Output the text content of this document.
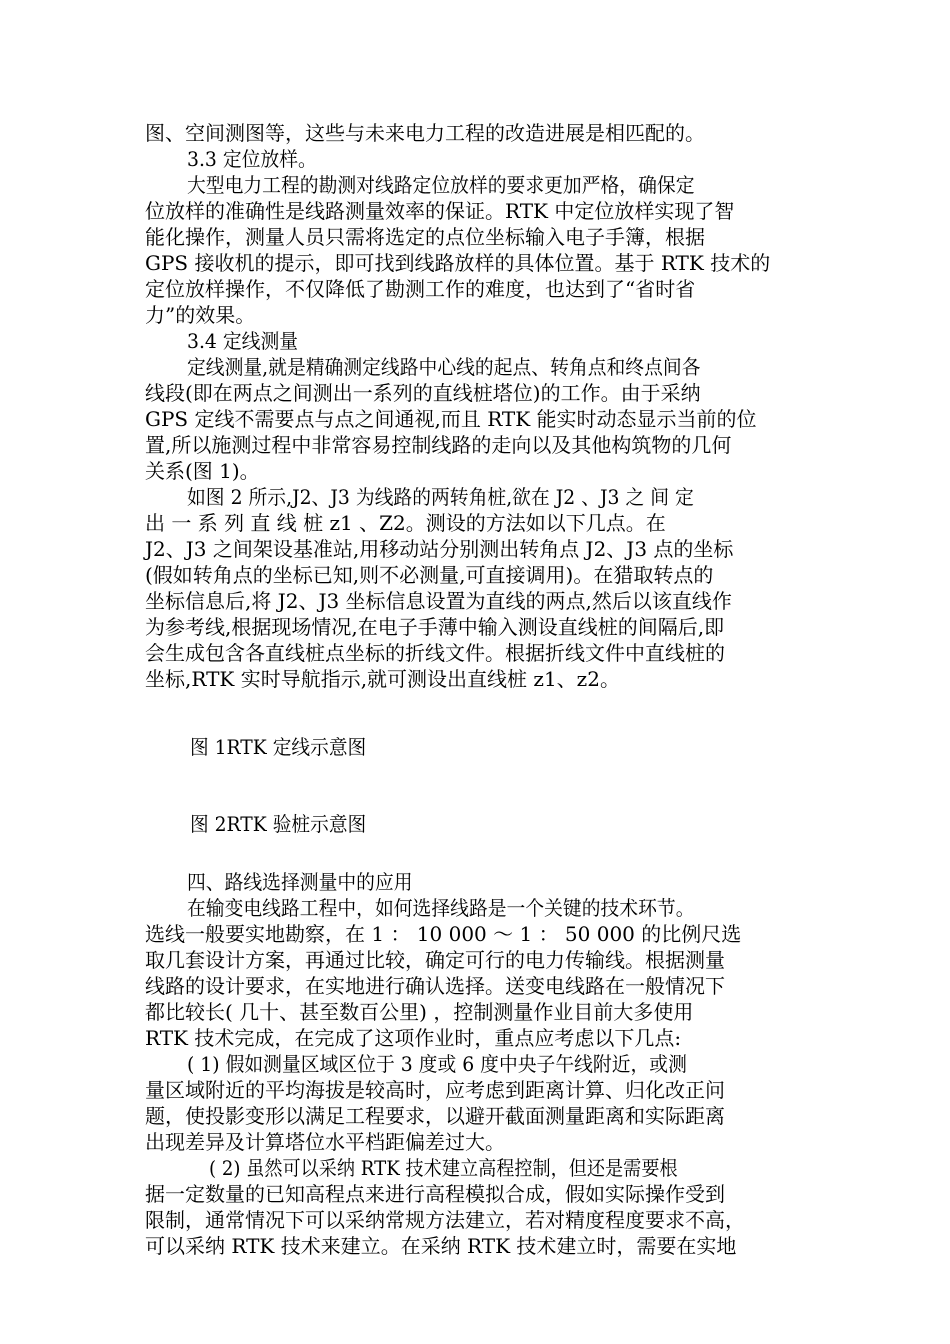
图、空间测图等，这些与未来电力工程的改造进展是相匹配的。

3.3 定位放样。

大型电力工程的勘测对线路定位放样的要求更加严格，确保定

位放样的准确性是线路测量效率的保证。RTK 中定位放样实现了智

能化操作，测量人员只需将选定的点位坐标输入电子手簿，根据

GPS 接收机的提示，即可找到线路放样的具体位置。基于 RTK 技术的

定位放样操作，不仅降低了勘测工作的难度，也达到了“省时省

力”的效果。

3.4 定线测量

定线测量,就是精确测定线路中心线的起点、转角点和终点间各

线段(即在两点之间测出一系列的直线桩塔位)的工作。由于采纳

GPS 定线不需要点与点之间通视,而且 RTK 能实时动态显示当前的位

置,所以施测过程中非常容易控制线路的走向以及其他构筑物的几何

关系(图 1)。

如图 2 所示,J2、J3 为线路的两转角桩,欲在 J2 、J3 之 间 定

出 一 系 列 直 线 桩 z1 、Z2。测设的方法如以下几点。在

J2、J3 之间架设基准站,用移动站分别测出转角点 J2、J3 点的坐标

(假如转角点的坐标已知,则不必测量,可直接调用)。在猎取转点的

坐标信息后,将 J2、J3 坐标信息设置为直线的两点,然后以该直线作

为参考线,根据现场情况,在电子手薄中输入测设直线桩的间隔后,即

会生成包含各直线桩点坐标的折线文件。根据折线文件中直线桩的

坐标,RTK 实时导航指示,就可测设出直线桩 z1、z2。

图 1RTK 定线示意图

图 2RTK 验桩示意图

四、路线选择测量中的应用

在输变电线路工程中，如何选择线路是一个关键的技术环节。

选线一般要实地勘察，在 1 ： 10 000 ～ 1 ： 50 000 的比例尺选

取几套设计方案，再通过比较，确定可行的电力传输线。根据测量

线路的设计要求，在实地进行确认选择。送变电线路在一般情况下

都比较长( 几十、甚至数百公里) ，控制测量作业目前大多使用

RTK 技术完成，在完成了这项作业时，重点应考虑以下几点:

( 1) 假如测量区域区位于 3 度或 6 度中央子午线附近，或测

量区域附近的平均海拔是较高时，应考虑到距离计算、归化改正问

题，使投影变形以满足工程要求，以避开截面测量距离和实际距离

出现差异及计算塔位水平档距偏差过大。

( 2) 虽然可以采纳 RTK 技术建立高程控制，但还是需要根

据一定数量的已知高程点来进行高程模拟合成，假如实际操作受到

限制，通常情况下可以采纳常规方法建立，若对精度程度要求不高，

可以采纳 RTK 技术来建立。在采纳 RTK 技术建立时，需要在实地
